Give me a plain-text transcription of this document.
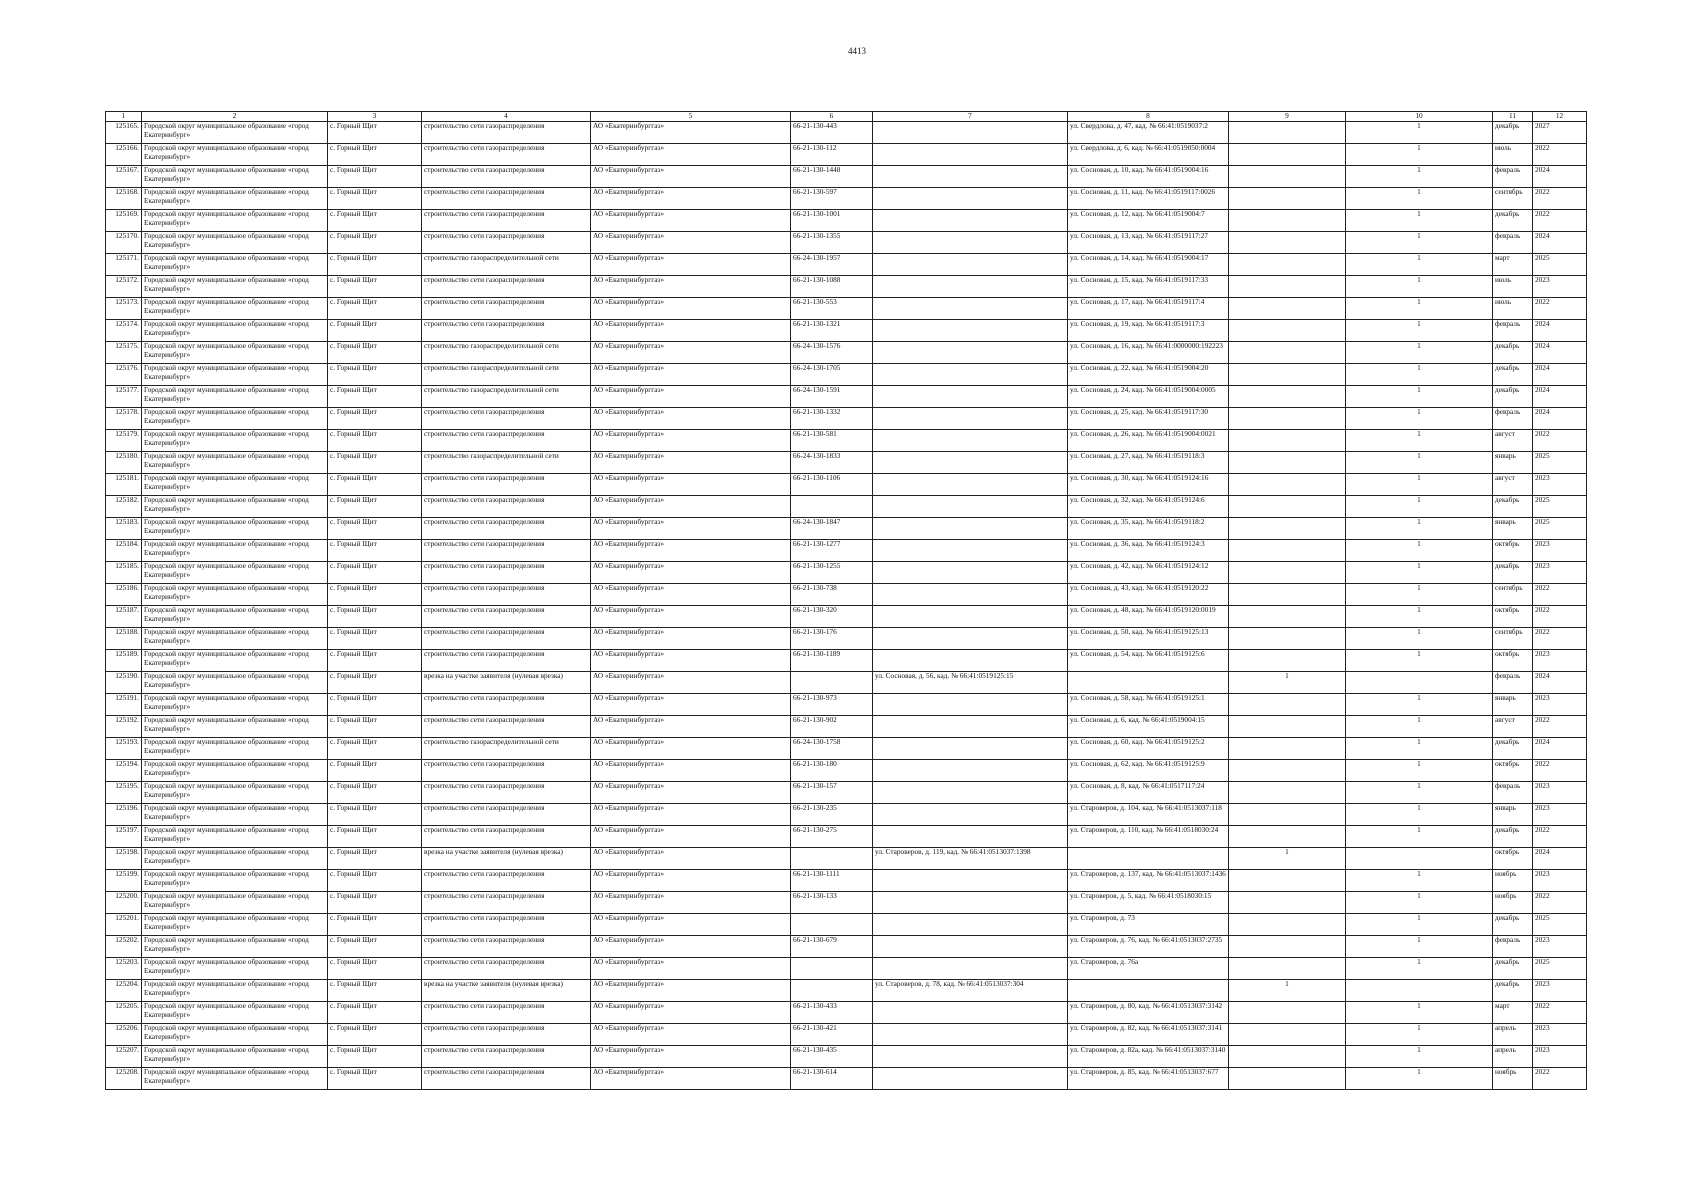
4413
1	2	3	4	5	6	7	8	9	10	11	12
125165.	Городской округ муниципальное образование «город Екатеринбург»	с. Горный Щит	строительство сети газораспределения	АО «Екатеринбурггаз»	66-21-130-443		ул. Свердлова, д. 47, кад. № 66:41:0519037:2		1	декабрь	2027
125166.	Городской округ муниципальное образование «город Екатеринбург»	с. Горный Щит	строительство сети газораспределения	АО «Екатеринбурггаз»	66-21-130-112		ул. Свердлова, д. 6, кад. № 66:41:0519050:0004		1	июль	2022
125167.	Городской округ муниципальное образование «город Екатеринбург»	с. Горный Щит	строительство сети газораспределения	АО «Екатеринбурггаз»	66-21-130-1448		ул. Сосновая, д. 10, кад. № 66:41:0519004:16		1	февраль	2024
125168.	Городской округ муниципальное образование «город Екатеринбург»	с. Горный Щит	строительство сети газораспределения	АО «Екатеринбурггаз»	66-21-130-597		ул. Сосновая, д. 11, кад. № 66:41:0519117:0026		1	сентябрь	2022
125169.	Городской округ муниципальное образование «город Екатеринбург»	с. Горный Щит	строительство сети газораспределения	АО «Екатеринбурггаз»	66-21-130-1001		ул. Сосновая, д. 12, кад. № 66:41:0519004:7		1	декабрь	2022
125170.	Городской округ муниципальное образование «город Екатеринбург»	с. Горный Щит	строительство сети газораспределения	АО «Екатеринбурггаз»	66-21-130-1355		ул. Сосновая, д. 13, кад. № 66:41:0519117:27		1	февраль	2024
125171.	Городской округ муниципальное образование «город Екатеринбург»	с. Горный Щит	строительство газораспределительной сети	АО «Екатеринбурггаз»	66-24-130-1957		ул. Сосновая, д. 14, кад. № 66:41:0519004:17		1	март	2025
125172.	Городской округ муниципальное образование «город Екатеринбург»	с. Горный Щит	строительство сети газораспределения	АО «Екатеринбурггаз»	66-21-130-1088		ул. Сосновая, д. 15, кад. № 66:41:0519117:33		1	июль	2023
125173.	Городской округ муниципальное образование «город Екатеринбург»	с. Горный Щит	строительство сети газораспределения	АО «Екатеринбурггаз»	66-21-130-553		ул. Сосновая, д. 17, кад. № 66:41:0519117:4		1	июль	2022
125174.	Городской округ муниципальное образование «город Екатеринбург»	с. Горный Щит	строительство сети газораспределения	АО «Екатеринбурггаз»	66-21-130-1321		ул. Сосновая, д. 19, кад. № 66:41:0519117:3		1	февраль	2024
125175.	Городской округ муниципальное образование «город Екатеринбург»	с. Горный Щит	строительство газораспределительной сети	АО «Екатеринбурггаз»	66-24-130-1576		ул. Сосновая, д. 16, кад. № 66:41:0000000:192223		1	декабрь	2024
125176.	Городской округ муниципальное образование «город Екатеринбург»	с. Горный Щит	строительство газораспределительной сети	АО «Екатеринбурггаз»	66-24-130-1705		ул. Сосновая, д. 22, кад. № 66:41:0519004:20		1	декабрь	2024
125177.	Городской округ муниципальное образование «город Екатеринбург»	с. Горный Щит	строительство газораспределительной сети	АО «Екатеринбурггаз»	66-24-130-1591		ул. Сосновая, д. 24, кад. № 66:41:0519004:0005		1	декабрь	2024
125178.	Городской округ муниципальное образование «город Екатеринбург»	с. Горный Щит	строительство сети газораспределения	АО «Екатеринбурггаз»	66-21-130-1332		ул. Сосновая, д. 25, кад. № 66:41:0519117:30		1	февраль	2024
125179.	Городской округ муниципальное образование «город Екатеринбург»	с. Горный Щит	строительство сети газораспределения	АО «Екатеринбурггаз»	66-21-130-581		ул. Сосновая, д. 26, кад. № 66:41:0519004:0021		1	август	2022
125180.	Городской округ муниципальное образование «город Екатеринбург»	с. Горный Щит	строительство газораспределительной сети	АО «Екатеринбурггаз»	66-24-130-1833		ул. Сосновая, д. 27, кад. № 66:41:0519118:3		1	январь	2025
125181.	Городской округ муниципальное образование «город Екатеринбург»	с. Горный Щит	строительство сети газораспределения	АО «Екатеринбурггаз»	66-21-130-1106		ул. Сосновая, д. 30, кад. № 66:41:0519124:16		1	август	2023
125182.	Городской округ муниципальное образование «город Екатеринбург»	с. Горный Щит	строительство сети газораспределения	АО «Екатеринбурггаз»			ул. Сосновая, д. 32, кад. № 66:41:0519124:6		1	декабрь	2025
125183.	Городской округ муниципальное образование «город Екатеринбург»	с. Горный Щит	строительство сети газораспределения	АО «Екатеринбурггаз»	66-24-130-1847		ул. Сосновая, д. 35, кад. № 66:41:0519118:2		1	январь	2025
125184.	Городской округ муниципальное образование «город Екатеринбург»	с. Горный Щит	строительство сети газораспределения	АО «Екатеринбурггаз»	66-21-130-1277		ул. Сосновая, д. 36, кад. № 66:41:0519124:3		1	октябрь	2023
125185.	Городской округ муниципальное образование «город Екатеринбург»	с. Горный Щит	строительство сети газораспределения	АО «Екатеринбурггаз»	66-21-130-1255		ул. Сосновая, д. 42, кад. № 66:41:0519124:12		1	декабрь	2023
125186.	Городской округ муниципальное образование «город Екатеринбург»	с. Горный Щит	строительство сети газораспределения	АО «Екатеринбурггаз»	66-21-130-738		ул. Сосновая, д. 43, кад. № 66:41:0519120:22		1	сентябрь	2022
125187.	Городской округ муниципальное образование «город Екатеринбург»	с. Горный Щит	строительство сети газораспределения	АО «Екатеринбурггаз»	66-21-130-320		ул. Сосновая, д. 48, кад. № 66:41:0519120:0019		1	октябрь	2022
125188.	Городской округ муниципальное образование «город Екатеринбург»	с. Горный Щит	строительство сети газораспределения	АО «Екатеринбурггаз»	66-21-130-176		ул. Сосновая, д. 50, кад. № 66:41:0519125:13		1	сентябрь	2022
125189.	Городской округ муниципальное образование «город Екатеринбург»	с. Горный Щит	строительство сети газораспределения	АО «Екатеринбурггаз»	66-21-130-1189		ул. Сосновая, д. 54, кад. № 66:41:0519125:6		1	октябрь	2023
125190.	Городской округ муниципальное образование «город Екатеринбург»	с. Горный Щит	врезка на участке заявителя (нулевая врезка)	АО «Екатеринбурггаз»		ул. Сосновая, д. 56, кад. № 66:41:0519125:15		1		февраль	2024
125191.	Городской округ муниципальное образование «город Екатеринбург»	с. Горный Щит	строительство сети газораспределения	АО «Екатеринбурггаз»	66-21-130-973		ул. Сосновая, д. 58, кад. № 66:41:0519125:1		1	январь	2023
125192.	Городской округ муниципальное образование «город Екатеринбург»	с. Горный Щит	строительство сети газораспределения	АО «Екатеринбурггаз»	66-21-130-902		ул. Сосновая, д. 6, кад. № 66:41:0519004:15		1	август	2022
125193.	Городской округ муниципальное образование «город Екатеринбург»	с. Горный Щит	строительство газораспределительной сети	АО «Екатеринбурггаз»	66-24-130-1758		ул. Сосновая, д. 60, кад. № 66:41:0519125:2		1	декабрь	2024
125194.	Городской округ муниципальное образование «город Екатеринбург»	с. Горный Щит	строительство сети газораспределения	АО «Екатеринбурггаз»	66-21-130-180		ул. Сосновая, д. 62, кад. № 66:41:0519125:9		1	октябрь	2022
125195.	Городской округ муниципальное образование «город Екатеринбург»	с. Горный Щит	строительство сети газораспределения	АО «Екатеринбурггаз»	66-21-130-157		ул. Сосновая, д. 8, кад. № 66:41:0517117:24		1	февраль	2023
125196.	Городской округ муниципальное образование «город Екатеринбург»	с. Горный Щит	строительство сети газораспределения	АО «Екатеринбурггаз»	66-21-130-235		ул. Староверов, д. 104, кад. № 66:41:0513037:118		1	январь	2023
125197.	Городской округ муниципальное образование «город Екатеринбург»	с. Горный Щит	строительство сети газораспределения	АО «Екатеринбурггаз»	66-21-130-275		ул. Староверов, д. 110, кад. № 66:41:0518030:24		1	декабрь	2022
125198.	Городской округ муниципальное образование «город Екатеринбург»	с. Горный Щит	врезка на участке заявителя (нулевая врезка)	АО «Екатеринбурггаз»		ул. Староверов, д. 119, кад. № 66:41:0513037:1398		1		октябрь	2024
125199.	Городской округ муниципальное образование «город Екатеринбург»	с. Горный Щит	строительство сети газораспределения	АО «Екатеринбурггаз»	66-21-130-1111		ул. Староверов, д. 137, кад. № 66:41:0513037:1436		1	ноябрь	2023
125200.	Городской округ муниципальное образование «город Екатеринбург»	с. Горный Щит	строительство сети газораспределения	АО «Екатеринбурггаз»	66-21-130-133		ул. Староверов, д. 5, кад. № 66:41:0518030:15		1	ноябрь	2022
125201.	Городской округ муниципальное образование «город Екатеринбург»	с. Горный Щит	строительство сети газораспределения	АО «Екатеринбурггаз»			ул. Староверов, д. 73		1	декабрь	2025
125202.	Городской округ муниципальное образование «город Екатеринбург»	с. Горный Щит	строительство сети газораспределения	АО «Екатеринбурггаз»	66-21-130-679		ул. Староверов, д. 76, кад. № 66:41:0513037:2735		1	февраль	2023
125203.	Городской округ муниципальное образование «город Екатеринбург»	с. Горный Щит	строительство сети газораспределения	АО «Екатеринбурггаз»			ул. Староверов, д. 76а		1	декабрь	2025
125204.	Городской округ муниципальное образование «город Екатеринбург»	с. Горный Щит	врезка на участке заявителя (нулевая врезка)	АО «Екатеринбурггаз»		ул. Староверов, д. 78, кад. № 66:41:0513037:304		1		декабрь	2023
125205.	Городской округ муниципальное образование «город Екатеринбург»	с. Горный Щит	строительство сети газораспределения	АО «Екатеринбурггаз»	66-21-130-433		ул. Староверов, д. 80, кад. № 66:41:0513037:3142		1	март	2022
125206.	Городской округ муниципальное образование «город Екатеринбург»	с. Горный Щит	строительство сети газораспределения	АО «Екатеринбурггаз»	66-21-130-421		ул. Староверов, д. 82, кад. № 66:41:0513037:3141		1	апрель	2023
125207.	Городской округ муниципальное образование «город Екатеринбург»	с. Горный Щит	строительство сети газораспределения	АО «Екатеринбурггаз»	66-21-130-435		ул. Староверов, д. 82а, кад. № 66:41:0513037:3140		1	апрель	2023
125208.	Городской округ муниципальное образование «город Екатеринбург»	с. Горный Щит	строительство сети газораспределения	АО «Екатеринбурггаз»	66-21-130-614		ул. Староверов, д. 85, кад. № 66:41:0513037:677		1	ноябрь	2022
